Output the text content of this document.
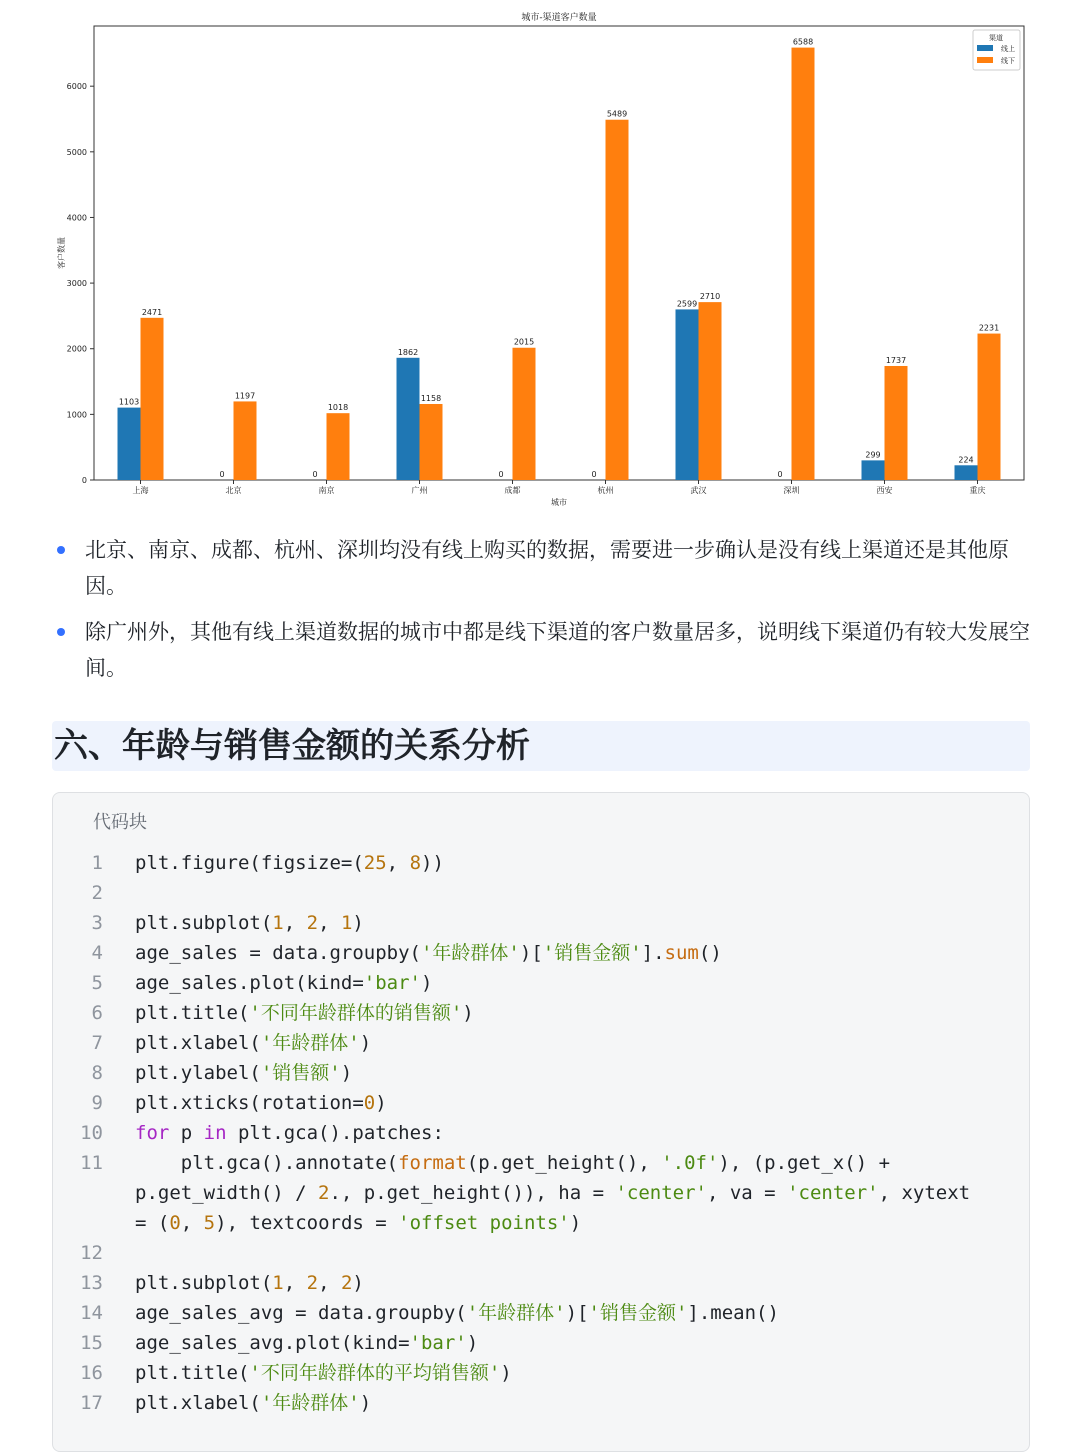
城市-渠道客户数量
0
1000
2000
3000
4000
5000
6000
客户数量
城市
上海
1103
2471
北京
0
1197
南京
0
1018
广州
1862
1158
成都
0
2015
杭州
0
5489
武汉
2599
2710
深圳
0
6588
西安
299
1737
重庆
224
2231
渠道
线上
线下
北京、南京、成都、杭州、深圳均没有线上购买的数据，需要进一步确认是没有线上渠道还是其他原因。
除广州外，其他有线上渠道数据的城市中都是线下渠道的客户数量居多，说明线下渠道仍有较大发展空间。
六、年龄与销售金额的关系分析
代码块
1	plt.figure(figsize=(25, 8))
2

3	plt.subplot(1, 2, 1)
4	age_sales = data.groupby('年龄群体')['销售金额'].sum()
5	age_sales.plot(kind='bar')
6	plt.title('不同年龄群体的销售额')
7	plt.xlabel('年龄群体')
8	plt.ylabel('销售额')
9	plt.xticks(rotation=0)
10	for p in plt.gca().patches:
11	plt.gca().annotate(format(p.get_height(), '.0f'), (p.get_x() + p.get_width() / 2., p.get_height()), ha = 'center', va = 'center', xytext = (0, 5), textcoords = 'offset points')
12

13	plt.subplot(1, 2, 2)
14	age_sales_avg = data.groupby('年龄群体')['销售金额'].mean()
15	age_sales_avg.plot(kind='bar')
16	plt.title('不同年龄群体的平均销售额')
17	plt.xlabel('年龄群体')
